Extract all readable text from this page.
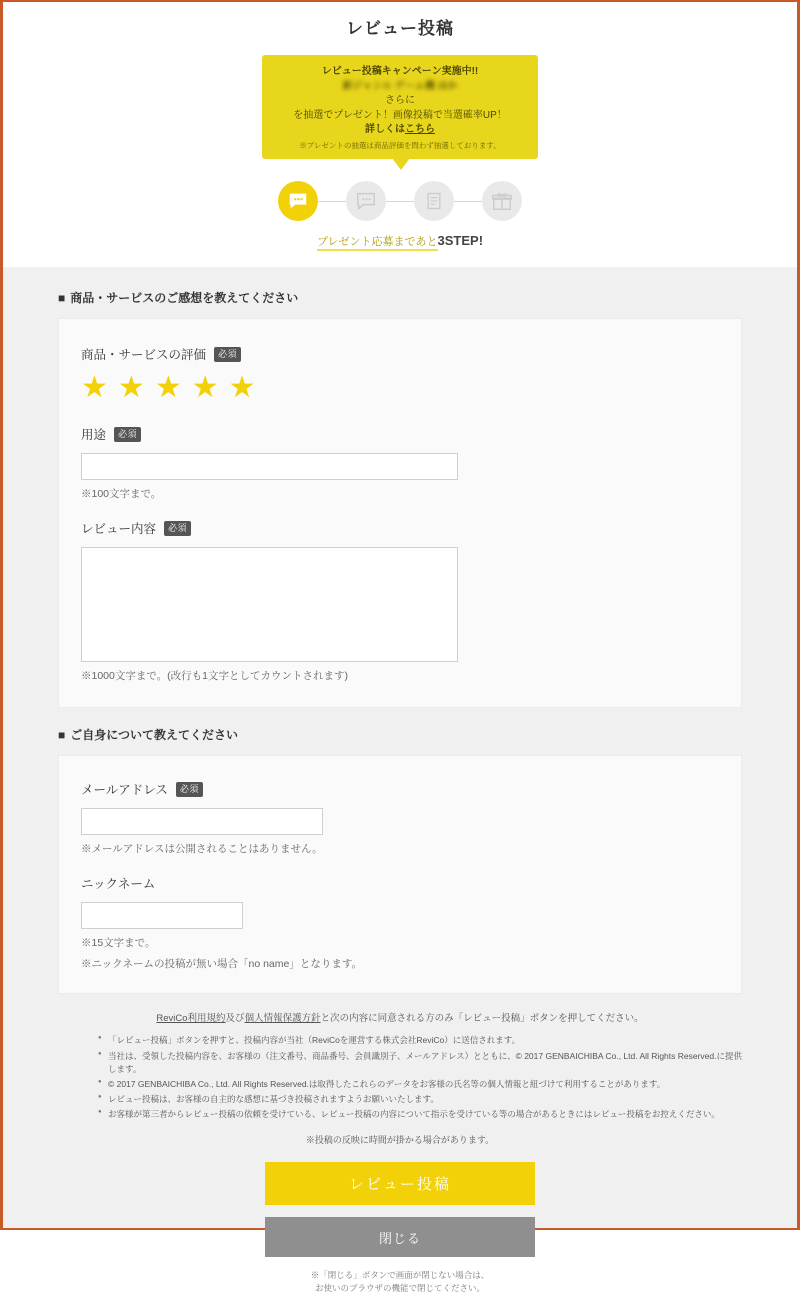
レビュー投稿
レビュー投稿キャンペーン実施中!!
新ジャンル ゲーム機 ほか
さらに
を抽選でプレゼント！画像投稿で当選確率UP！
詳しくはこちら
※プレゼントの抽選は商品評価を問わず抽選しております。
プレゼント応募まであと3STEP!
■ 商品・サービスのご感想を教えてください
商品・サービスの評価	必須
★ ★ ★ ★ ★
用途	必須
※100文字まで。
レビュー内容	必須
※1000文字まで。(改行も1文字としてカウントされます)
■ ご自身について教えてください
メールアドレス	必須
※メールアドレスは公開されることはありません。
ニックネーム
※15文字まで。
※ニックネームの投稿が無い場合「no name」となります。
ReviCo利用規約及び個人情報保護方針と次の内容に同意される方のみ「レビュー投稿」ボタンを押してください。
● 「レビュー投稿」ボタンを押すと、投稿内容が当社（ReviCoを運営する株式会社ReviCo）に送信されます。
● 当社は、受領した投稿内容を、お客様の（注文番号、商品番号、会員識別子、メールアドレス）とともに、© 2017 GENBAICHIBA Co., Ltd. All Rights Reserved.に提供します。
● © 2017 GENBAICHIBA Co., Ltd. All Rights Reserved.は取得したこれらのデータをお客様の氏名等の個人情報と紐づけて利用することがあります。
● レビュー投稿は、お客様の自主的な感想に基づき投稿されますようお願いいたします。
● お客様が第三者からレビュー投稿の依頼を受けている、レビュー投稿の内容について指示を受けている等の場合があるときにはレビュー投稿をお控えください。
※投稿の反映に時間が掛かる場合があります。
レビュー投稿
閉じる
※「閉じる」ボタンで画面が閉じない場合は、
お使いのブラウザの機能で閉じてください。
